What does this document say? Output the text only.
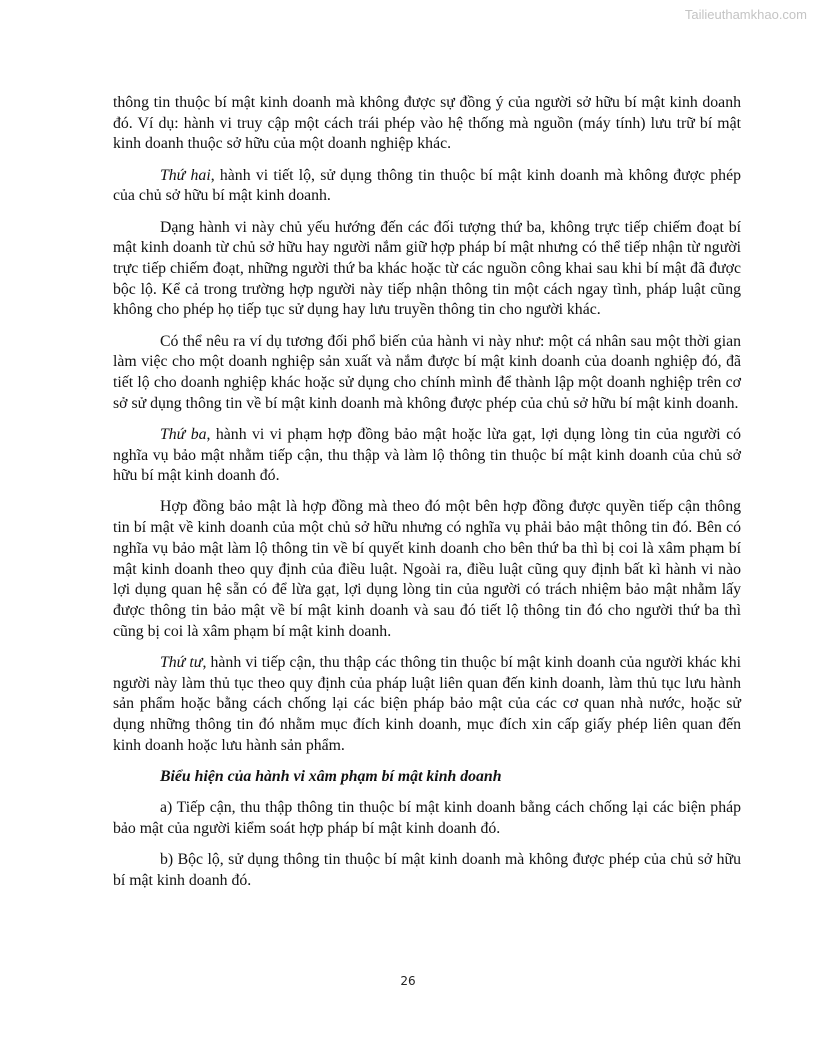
Tailieuthamkhao.com

thông tin thuộc bí mật kinh doanh mà không được sự đồng ý của người sở hữu bí mật kinh doanh đó. Ví dụ: hành vi truy cập một cách trái phép vào hệ thống mà nguồn (máy tính) lưu trữ bí mật kinh doanh thuộc sở hữu của một doanh nghiệp khác.

Thứ hai, hành vi tiết lộ, sử dụng thông tin thuộc bí mật kinh doanh mà không được phép của chủ sở hữu bí mật kinh doanh.

Dạng hành vi này chủ yếu hướng đến các đối tượng thứ ba, không trực tiếp chiếm đoạt bí mật kinh doanh từ chủ sở hữu hay người nắm giữ hợp pháp bí mật nhưng có thể tiếp nhận từ người trực tiếp chiếm đoạt, những người thứ ba khác hoặc từ các nguồn công khai sau khi bí mật đã được bộc lộ. Kể cả trong trường hợp người này tiếp nhận thông tin một cách ngay tình, pháp luật cũng không cho phép họ tiếp tục sử dụng hay lưu truyền thông tin cho người khác.

Có thể nêu ra ví dụ tương đối phổ biến của hành vi này như: một cá nhân sau một thời gian làm việc cho một doanh nghiệp sản xuất và nắm được bí mật kinh doanh của doanh nghiệp đó, đã tiết lộ cho doanh nghiệp khác hoặc sử dụng cho chính mình để thành lập một doanh nghiệp trên cơ sở sử dụng thông tin về bí mật kinh doanh mà không được phép của chủ sở hữu bí mật kinh doanh.

Thứ ba, hành vi vi phạm hợp đồng bảo mật hoặc lừa gạt, lợi dụng lòng tin của người có nghĩa vụ bảo mật nhằm tiếp cận, thu thập và làm lộ thông tin thuộc bí mật kinh doanh của chủ sở hữu bí mật kinh doanh đó.

Hợp đồng bảo mật là hợp đồng mà theo đó một bên hợp đồng được quyền tiếp cận thông tin bí mật về kinh doanh của một chủ sở hữu nhưng có nghĩa vụ phải bảo mật thông tin đó. Bên có nghĩa vụ bảo mật làm lộ thông tin về bí quyết kinh doanh cho bên thứ ba thì bị coi là xâm phạm bí mật kinh doanh theo quy định của điều luật. Ngoài ra, điều luật cũng quy định bất kì hành vi nào lợi dụng quan hệ sẵn có để lừa gạt, lợi dụng lòng tin của người có trách nhiệm bảo mật nhằm lấy được thông tin bảo mật về bí mật kinh doanh và sau đó tiết lộ thông tin đó cho người thứ ba thì cũng bị coi là xâm phạm bí mật kinh doanh.

Thứ tư, hành vi tiếp cận, thu thập các thông tin thuộc bí mật kinh doanh của người khác khi người này làm thủ tục theo quy định của pháp luật liên quan đến kinh doanh, làm thủ tục lưu hành sản phẩm hoặc bằng cách chống lại các biện pháp bảo mật của các cơ quan nhà nước, hoặc sử dụng những thông tin đó nhằm mục đích kinh doanh, mục đích xin cấp giấy phép liên quan đến kinh doanh hoặc lưu hành sản phẩm.

Biểu hiện của hành vi xâm phạm bí mật kinh doanh

a) Tiếp cận, thu thập thông tin thuộc bí mật kinh doanh bằng cách chống lại các biện pháp bảo mật của người kiểm soát hợp pháp bí mật kinh doanh đó.

b) Bộc lộ, sử dụng thông tin thuộc bí mật kinh doanh mà không được phép của chủ sở hữu bí mật kinh doanh đó.

26
